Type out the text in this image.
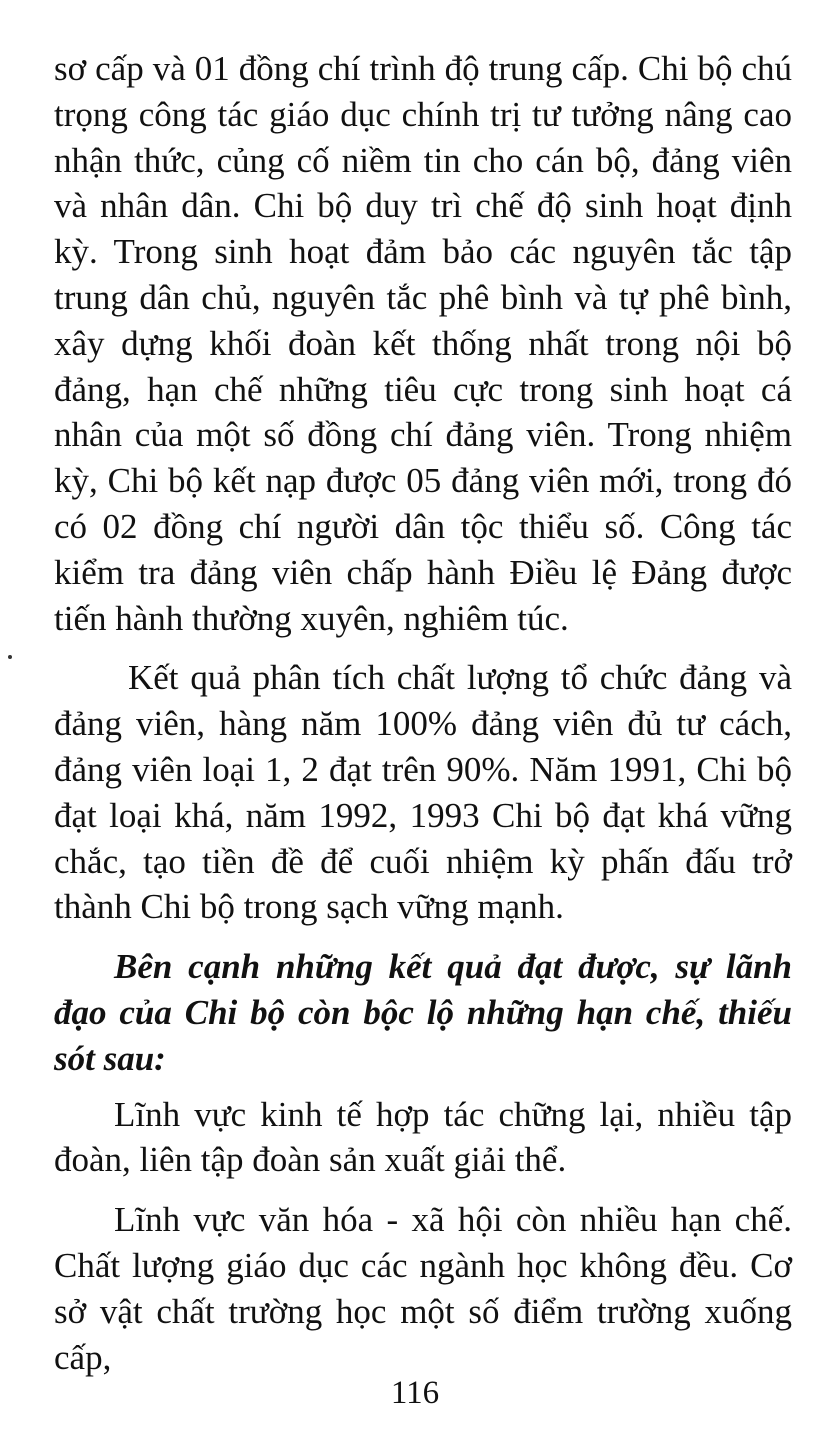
sơ cấp và 01 đồng chí trình độ trung cấp. Chi bộ chú trọng công tác giáo dục chính trị tư tưởng nâng cao nhận thức, củng cố niềm tin cho cán bộ, đảng viên và nhân dân. Chi bộ duy trì chế độ sinh hoạt định kỳ. Trong sinh hoạt đảm bảo các nguyên tắc tập trung dân chủ, nguyên tắc phê bình và tự phê bình, xây dựng khối đoàn kết thống nhất trong nội bộ đảng, hạn chế những tiêu cực trong sinh hoạt cá nhân của một số đồng chí đảng viên. Trong nhiệm kỳ, Chi bộ kết nạp được 05 đảng viên mới, trong đó có 02 đồng chí người dân tộc thiểu số. Công tác kiểm tra đảng viên chấp hành Điều lệ Đảng được tiến hành thường xuyên, nghiêm túc.

Kết quả phân tích chất lượng tổ chức đảng và đảng viên, hàng năm 100% đảng viên đủ tư cách, đảng viên loại 1, 2 đạt trên 90%. Năm 1991, Chi bộ đạt loại khá, năm 1992, 1993 Chi bộ đạt khá vững chắc, tạo tiền đề để cuối nhiệm kỳ phấn đấu trở thành Chi bộ trong sạch vững mạnh.

Bên cạnh những kết quả đạt được, sự lãnh đạo của Chi bộ còn bộc lộ những hạn chế, thiếu sót sau:

Lĩnh vực kinh tế hợp tác chững lại, nhiều tập đoàn, liên tập đoàn sản xuất giải thể.

Lĩnh vực văn hóa - xã hội còn nhiều hạn chế. Chất lượng giáo dục các ngành học không đều. Cơ sở vật chất trường học một số điểm trường xuống cấp,

116
